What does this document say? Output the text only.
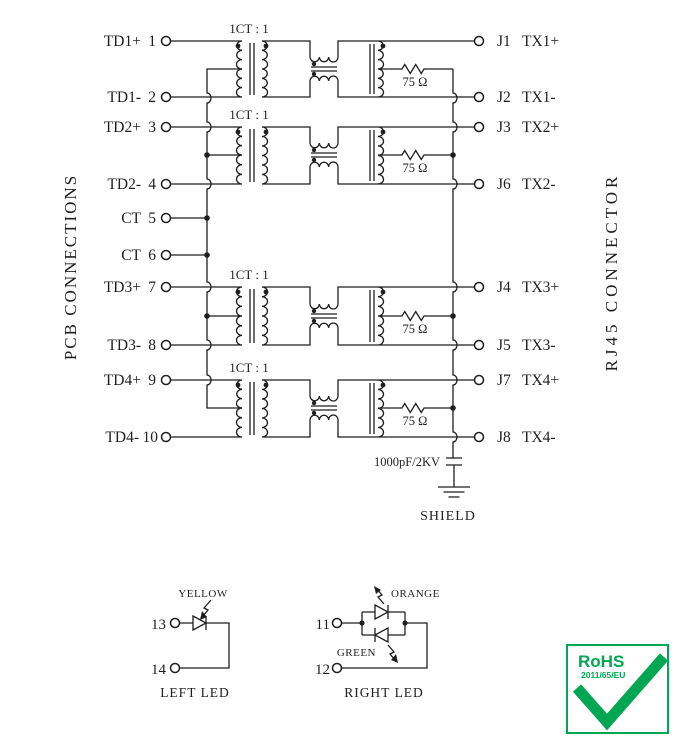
PCB CONNECTIONS	RJ45 CONNECTOR
1CT : 1
75 Ω
1CT : 1
75 Ω
1CT : 1
75 Ω
1CT : 1
75 Ω
1000pF/2KV
SHIELD
TD1+ 1
TD1- 2
TD2+ 3
TD2- 4
CT 5
CT 6
TD3+ 7
TD3- 8
TD4+ 9
TD4- 10
J1 TX1+
J2 TX1-
J3 TX2+
J6 TX2-
J4 TX3+
J5 TX3-
J7 TX4+
J8 TX4-
13
14
YELLOW
LEFT LED
11
12
ORANGE
GREEN
RIGHT LED
RoHS
2011/65/EU
